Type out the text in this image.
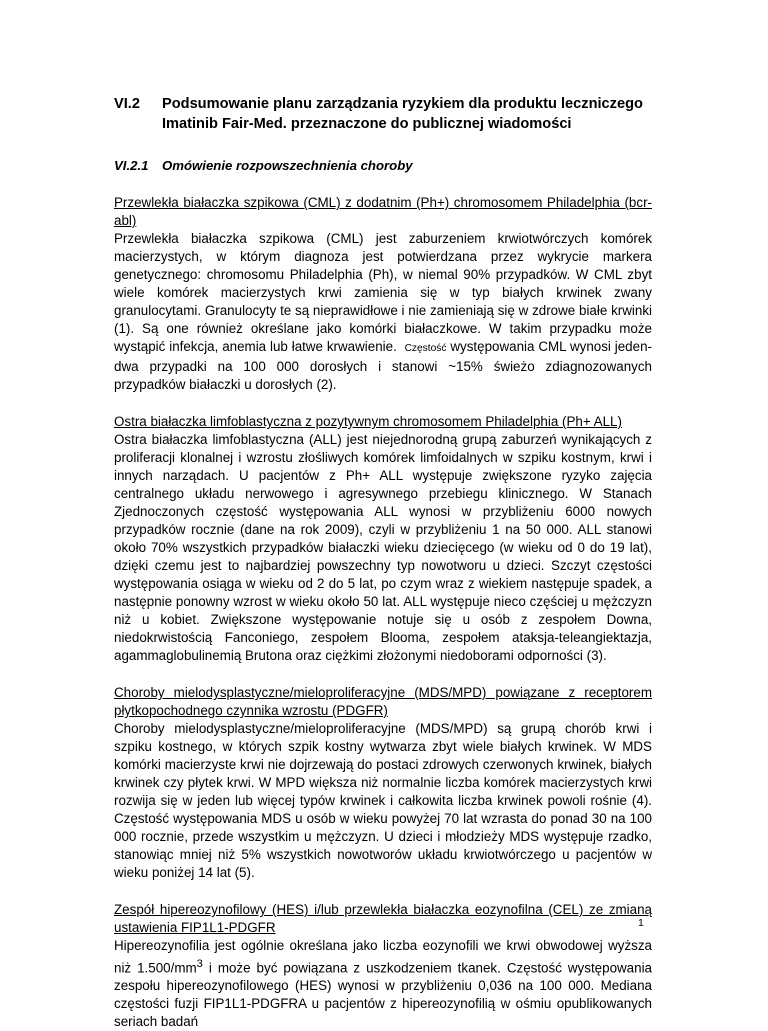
VI.2	Podsumowanie planu zarządzania ryzykiem dla produktu leczniczego Imatinib Fair-Med. przeznaczone do publicznej wiadomości
VI.2.1	Omówienie rozpowszechnienia choroby

Przewlekła białaczka szpikowa (CML) z dodatnim (Ph+) chromosomem Philadelphia (bcr-abl)

Przewlekła białaczka szpikowa (CML) jest zaburzeniem krwiotwórczych komórek macierzystych, w którym diagnoza jest potwierdzana przez wykrycie markera genetycznego: chromosomu Philadelphia (Ph), w niemal 90% przypadków. W CML zbyt wiele komórek macierzystych krwi zamienia się w typ białych krwinek zwany granulocytami. Granulocyty te są nieprawidłowe i nie zamieniają się w zdrowe białe krwinki (1). Są one również określane jako komórki białaczkowe. W takim przypadku może wystąpić infekcja, anemia lub łatwe krwawienie. Częstość występowania CML wynosi jeden-dwa przypadki na 100 000 dorosłych i stanowi ~15% świeżo zdiagnozowanych przypadków białaczki u dorosłych (2).

Ostra białaczka limfoblastyczna z pozytywnym chromosomem Philadelphia (Ph+ ALL)

Ostra białaczka limfoblastyczna (ALL) jest niejednorodną grupą zaburzeń wynikających z proliferacji klonalnej i wzrostu złośliwych komórek limfoidalnych w szpiku kostnym, krwi i innych narządach. U pacjentów z Ph+ ALL występuje zwiększone ryzyko zajęcia centralnego układu nerwowego i agresywnego przebiegu klinicznego. W Stanach Zjednoczonych częstość występowania ALL wynosi w przybliżeniu 6000 nowych przypadków rocznie (dane na rok 2009), czyli w przybliżeniu 1 na 50 000. ALL stanowi około 70% wszystkich przypadków białaczki wieku dziecięcego (w wieku od 0 do 19 lat), dzięki czemu jest to najbardziej powszechny typ nowotworu u dzieci. Szczyt częstości występowania osiąga w wieku od 2 do 5 lat, po czym wraz z wiekiem następuje spadek, a następnie ponowny wzrost w wieku około 50 lat. ALL występuje nieco częściej u mężczyzn niż u kobiet. Zwiększone występowanie notuje się u osób z zespołem Downa, niedokrwistością Fanconiego, zespołem Blooma, zespołem ataksja-teleangiektazja, agammaglobulinemią Brutona oraz ciężkimi złożonymi niedoborami odporności (3).

Choroby mielodysplastyczne/mieloproliferacyjne (MDS/MPD) powiązane z receptorem płytkopochodnego czynnika wzrostu (PDGFR)

Choroby mielodysplastyczne/mieloproliferacyjne (MDS/MPD) są grupą chorób krwi i szpiku kostnego, w których szpik kostny wytwarza zbyt wiele białych krwinek. W MDS komórki macierzyste krwi nie dojrzewają do postaci zdrowych czerwonych krwinek, białych krwinek czy płytek krwi. W MPD większa niż normalnie liczba komórek macierzystych krwi rozwija się w jeden lub więcej typów krwinek i całkowita liczba krwinek powoli rośnie (4). Częstość występowania MDS u osób w wieku powyżej 70 lat wzrasta do ponad 30 na 100 000 rocznie, przede wszystkim u mężczyzn. U dzieci i młodzieży MDS występuje rzadko, stanowiąc mniej niż 5% wszystkich nowotworów układu krwiotwórczego u pacjentów w wieku poniżej 14 lat (5).

Zespół hipereozynofilowy (HES) i/lub przewlekła białaczka eozynofilna (CEL) ze zmianą ustawienia FIP1L1-PDGFR

Hipereozynofilia jest ogólnie określana jako liczba eozynofili we krwi obwodowej wyższa niż $1.500/mm^3$ i może być powiązana z uszkodzeniem tkanek. Częstość występowania zespołu hipereozynofilowego (HES) wynosi w przybliżeniu 0,036 na 100 000. Mediana częstości fuzji FIP1L1-PDGFRA u pacjentów z hipereozynofilią w ośmiu opublikowanych seriach badań

1
